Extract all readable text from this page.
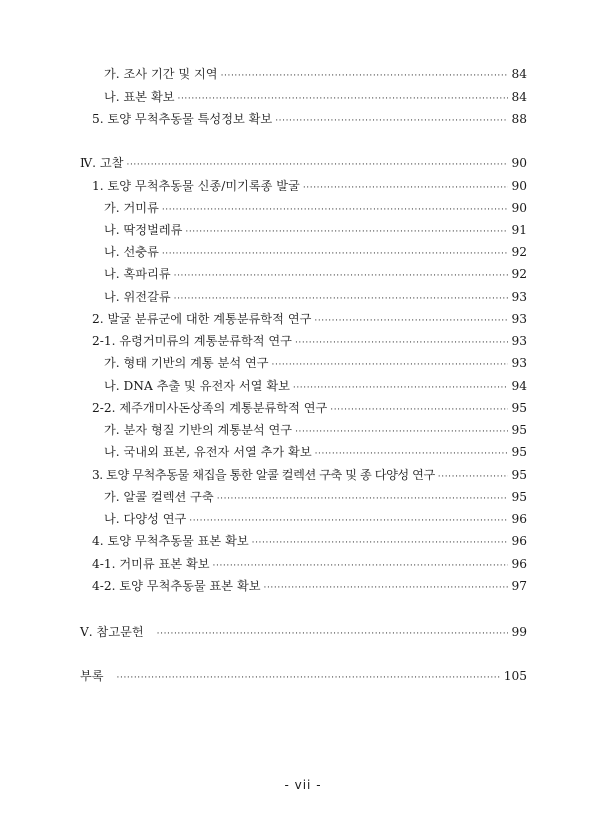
가. 조사 기간 및 지역 ·····	84
나. 표본 확보 ·····	84
5. 토양 무척추동물 특성정보 확보 ·····	88
Ⅳ. 고찰 ·····	90
1. 토양 무척추동물 신종/미기록종 발굴 ·····	90
가. 거미류 ·····	90
나. 딱정벌레류 ·····	91
나. 선충류 ·····	92
나. 혹파리류 ·····	92
나. 위전갈류 ·····	93
2. 발굴 분류군에 대한 계통분류학적 연구 ·····	93
2-1. 유령거미류의 계통분류학적 연구 ·····	93
가. 형태 기반의 계통 분석 연구 ·····	93
나. DNA 추출 및 유전자 서열 확보 ·····	94
2-2. 제주개미사돈상족의 계통분류학적 연구 ·····	95
가. 분자 형질 기반의 계통분석 연구 ·····	95
나. 국내외 표본, 유전자 서열 추가 확보 ·····	95
3. 토양 무척추동물 채집을 통한 알콜 컬렉션 구축 및 종 다양성 연구 ·····	95
가. 알콜 컬렉션 구축 ·····	95
나. 다양성 연구 ·····	96
4. 토양 무척추동물 표본 확보 ·····	96
4-1. 거미류 표본 확보 ·····	96
4-2. 토양 무척추동물 표본 확보 ·····	97
Ⅴ. 참고문헌 ·····	99
부록 ·····	105
- vii -
